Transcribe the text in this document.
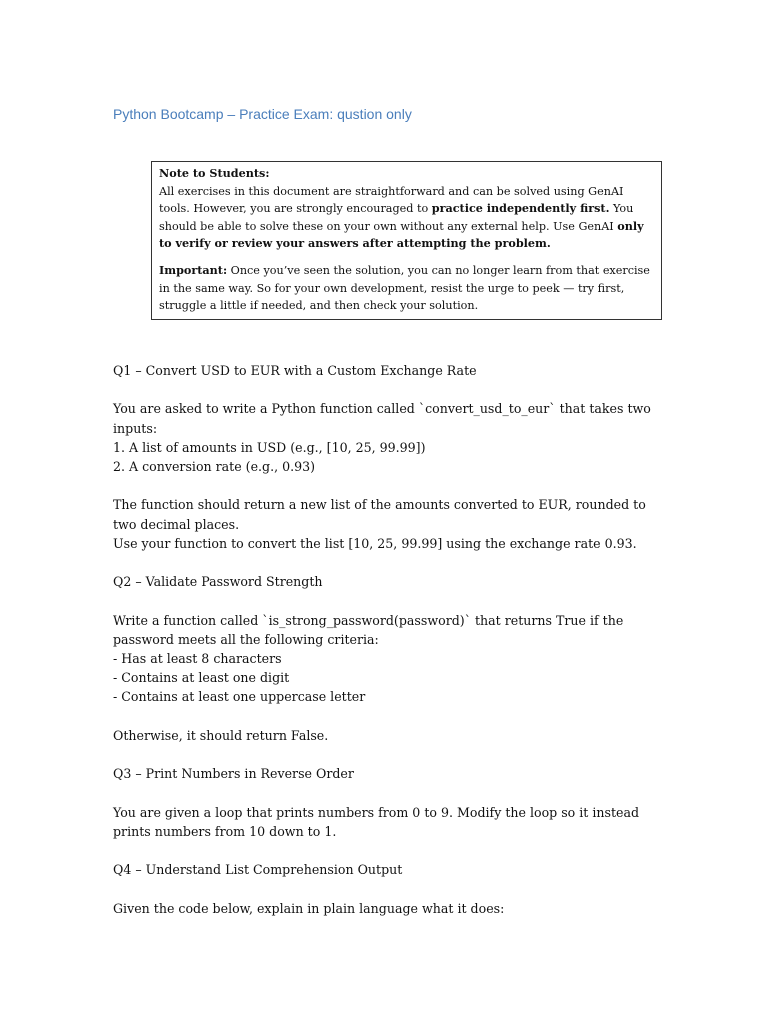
Python Bootcamp – Practice Exam: qustion only

Note to Students:

All exercises in this document are straightforward and can be solved using GenAI tools. However, you are strongly encouraged to practice independently first. You should be able to solve these on your own without any external help. Use GenAI only to verify or review your answers after attempting the problem.

Important: Once you’ve seen the solution, you can no longer learn from that exercise in the same way. So for your own development, resist the urge to peek — try first, struggle a little if needed, and then check your solution.

Q1 – Convert USD to EUR with a Custom Exchange Rate

You are asked to write a Python function called `convert_usd_to_eur` that takes two inputs:

1. A list of amounts in USD (e.g., [10, 25, 99.99])

2. A conversion rate (e.g., 0.93)

The function should return a new list of the amounts converted to EUR, rounded to two decimal places.

Use your function to convert the list [10, 25, 99.99] using the exchange rate 0.93.

Q2 – Validate Password Strength

Write a function called `is_strong_password(password)` that returns True if the password meets all the following criteria:

- Has at least 8 characters

- Contains at least one digit

- Contains at least one uppercase letter

Otherwise, it should return False.

Q3 – Print Numbers in Reverse Order

You are given a loop that prints numbers from 0 to 9. Modify the loop so it instead prints numbers from 10 down to 1.

Q4 – Understand List Comprehension Output

Given the code below, explain in plain language what it does:
